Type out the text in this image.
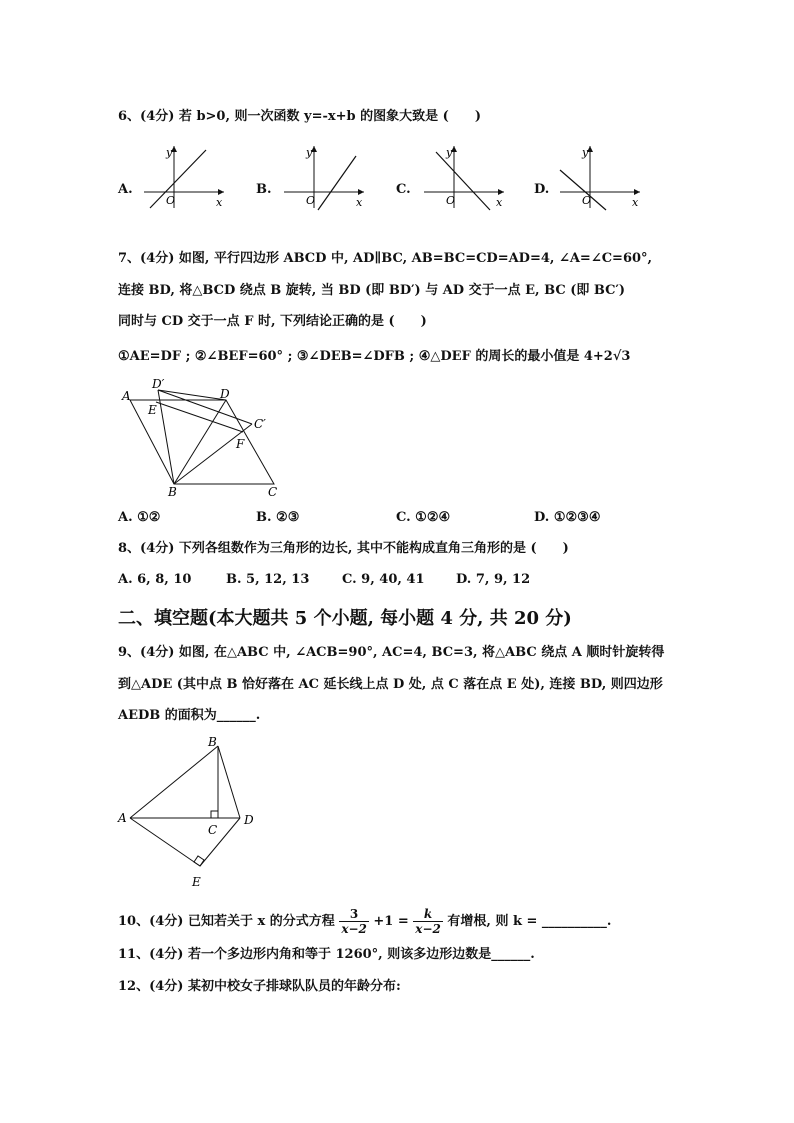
6、(4分) 若 b>0, 则一次函数 y=-x+b 的图象大致是 (　　)
A.	B.	C.	D.
O	x
y
O	x
y
O	x
y
O	x
y
7、(4分) 如图, 平行四边形 ABCD 中, AD∥BC, AB=BC=CD=AD=4, ∠A=∠C=60°,
连接 BD, 将△BCD 绕点 B 旋转, 当 BD (即 BD′) 与 AD 交于一点 E, BC (即 BC′)
同时与 CD 交于一点 F 时, 下列结论正确的是 (　　)
①AE=DF ; ②∠BEF=60° ; ③∠DEB=∠DFB ; ④△DEF 的周长的最小值是 4+2√3
A
D′
D
E
C′
F
B	C
A. ①②	B. ②③	C. ①②④	D. ①②③④
8、(4分) 下列各组数作为三角形的边长, 其中不能构成直角三角形的是 (　　)
A. 6, 8, 10	B. 5, 12, 13	C. 9, 40, 41 D. 7, 9, 12
二、填空题(本大题共 5 个小题, 每小题 4 分, 共 20 分)
9、(4分) 如图, 在△ABC 中, ∠ACB=90°, AC=4, BC=3, 将△ABC 绕点 A 顺时针旋转得
到△ADE (其中点 B 恰好落在 AC 延长线上点 D 处, 点 C 落在点 E 处), 连接 BD, 则四边形
AEDB 的面积为______.
B
A
C
D
E
10、(4分) 已知若关于 x 的分式方程 $\frac{3}{x-2} +1 = \frac{k}{x-2}$ 有增根, 则 k = __________.
11、(4分) 若一个多边形内角和等于 1260°, 则该多边形边数是______.
12、(4分) 某初中校女子排球队队员的年龄分布:
